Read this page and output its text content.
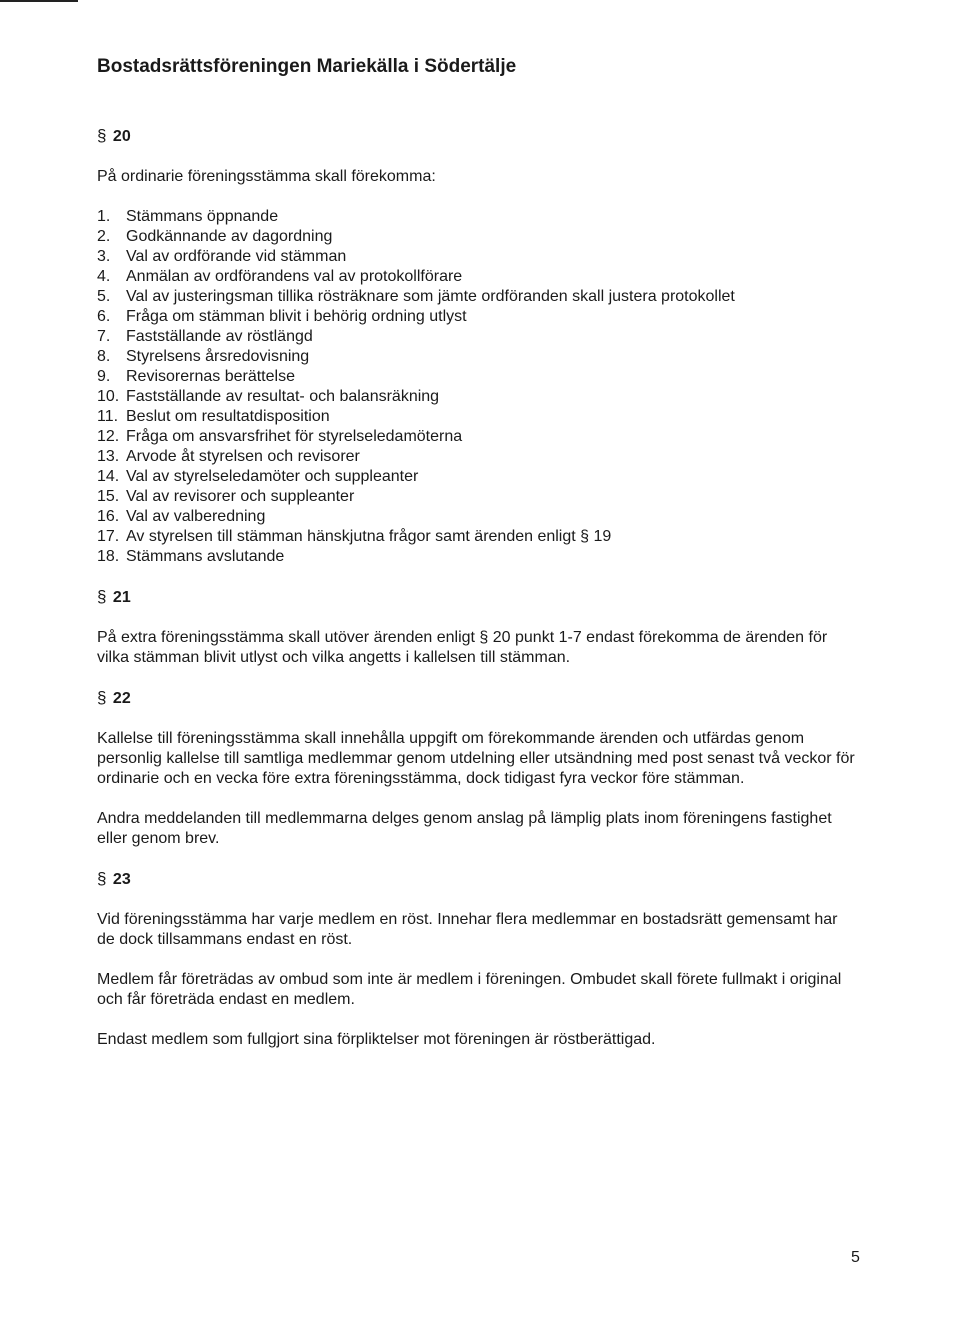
Bostadsrättsföreningen Mariekälla i Södertälje
§ 20

På ordinarie föreningsstämma skall förekomma:

1. Stämmans öppnande
2. Godkännande av dagordning
3. Val av ordförande vid stämman
4. Anmälan av ordförandens val av protokollförare
5. Val av justeringsman tillika rösträknare som jämte ordföranden skall justera protokollet
6. Fråga om stämman blivit i behörig ordning utlyst
7. Fastställande av röstlängd
8. Styrelsens årsredovisning
9. Revisorernas berättelse
10. Fastställande av resultat- och balansräkning
11. Beslut om resultatdisposition
12. Fråga om ansvarsfrihet för styrelseledamöterna
13. Arvode åt styrelsen och revisorer
14. Val av styrelseledamöter och suppleanter
15. Val av revisorer och suppleanter
16. Val av valberedning
17. Av styrelsen till stämman hänskjutna frågor samt ärenden enligt § 19
18. Stämmans avslutande
§ 21

På extra föreningsstämma skall utöver ärenden enligt § 20 punkt 1-7 endast förekomma de ärenden för vilka stämman blivit utlyst och vilka angetts i kallelsen till stämman.

§ 22

Kallelse till föreningsstämma skall innehålla uppgift om förekommande ärenden och utfärdas genom personlig kallelse till samtliga medlemmar genom utdelning eller utsändning med post senast två veckor för ordinarie och en vecka före extra föreningsstämma, dock tidigast fyra veckor före stämman.

Andra meddelanden till medlemmarna delges genom anslag på lämplig plats inom föreningens fastighet eller genom brev.

§ 23

Vid föreningsstämma har varje medlem en röst. Innehar flera medlemmar en bostadsrätt gemensamt har de dock tillsammans endast en röst.

Medlem får företrädas av ombud som inte är medlem i föreningen. Ombudet skall förete fullmakt i original och får företräda endast en medlem.

Endast medlem som fullgjort sina förpliktelser mot föreningen är röstberättigad.

5
